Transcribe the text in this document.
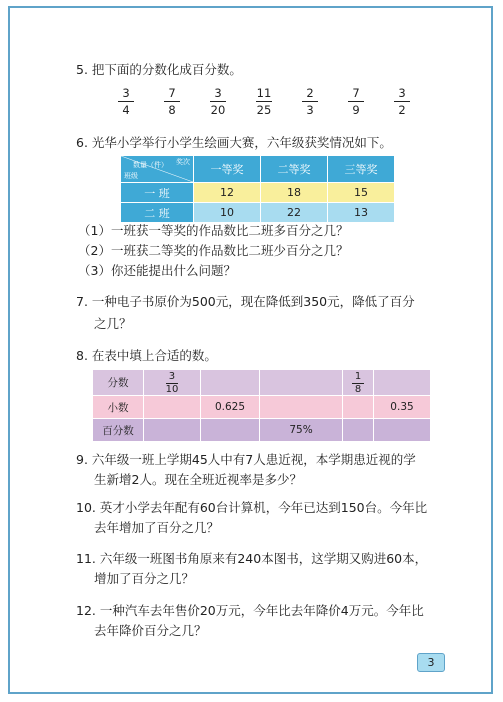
5. 把下面的分数化成百分数。
$\frac{3}{4}$	$\frac{7}{8}$	$\frac{3}{20}$	$\frac{11}{25}$	$\frac{2}{3}$	$\frac{7}{9}$	$\frac{3}{2}$
6. 光华小学举行小学生绘画大赛，六年级获奖情况如下。
奖次
数量（件）
班级	一等奖	二等奖	三等奖
一 班	12	18	15
二 班	10	22	13
（1）一班获一等奖的作品数比二班多百分之几？
（2）一班获二等奖的作品数比二班少百分之几？
（3）你还能提出什么问题？
7. 一种电子书原价为500元，现在降低到350元，降低了百分
之几？
8. 在表中填上合适的数。
分数	$\frac{3}{10}$			$\frac{1}{8}$

小数		0.625			0.35
百分数			75%		
9. 六年级一班上学期45人中有7人患近视，本学期患近视的学
生新增2人。现在全班近视率是多少？
10. 英才小学去年配有60台计算机，今年已达到150台。今年比
去年增加了百分之几？
11. 六年级一班图书角原来有240本图书，这学期又购进60本，
增加了百分之几？
12. 一种汽车去年售价20万元，今年比去年降价4万元。今年比
去年降价百分之几？
3
